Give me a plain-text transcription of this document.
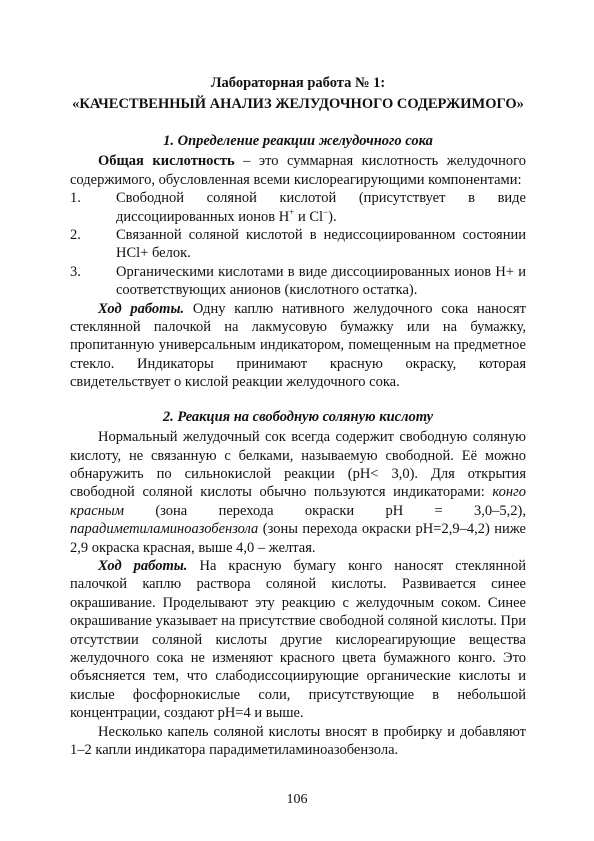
Лабораторная работа № 1:
«КАЧЕСТВЕННЫЙ АНАЛИЗ ЖЕЛУДОЧНОГО СОДЕРЖИМОГО»
1. Определение реакции желудочного сока

Общая кислотность – это суммарная кислотность желудочного содержимого, обусловленная всеми кислореагирующими компонентами:

1.	Свободной соляной кислотой (присутствует в виде диссоциированных ионов Н+ и Cl−).
2.	Связанной соляной кислотой в недиссоциированном состоянии HCl+ белок.
3.	Органическими кислотами в виде диссоциированных ионов Н+ и соответствующих анионов (кислотного остатка).

Ход работы. Одну каплю нативного желудочного сока наносят стеклянной палочкой на лакмусовую бумажку или на бумажку, пропитанную универсальным индикатором, помещенным на предметное стекло. Индикаторы принимают красную окраску, которая свидетельствует о кислой реакции желудочного сока.

2. Реакция на свободную соляную кислоту

Нормальный желудочный сок всегда содержит свободную соляную кислоту, не связанную с белками, называемую свободной. Её можно обнаружить по сильнокислой реакции (pH< 3,0). Для открытия свободной соляной кислоты обычно пользуются индикаторами: конго красным (зона перехода окраски pH = 3,0–5,2), парадиметиламиноазобензола (зоны перехода окраски pH=2,9–4,2) ниже 2,9 окраска красная, выше 4,0 – желтая.

Ход работы. На красную бумагу конго наносят стеклянной палочкой каплю раствора соляной кислоты. Развивается синее окрашивание. Проделывают эту реакцию с желудочным соком. Синее окрашивание указывает на присутствие свободной соляной кислоты. При отсутствии соляной кислоты другие кислореагирующие вещества желудочного сока не изменяют красного цвета бумажного конго. Это объясняется тем, что слабодиссоциирующие органические кислоты и кислые фосфорнокислые соли, присутствующие в небольшой концентрации, создают pH=4 и выше.

Несколько капель соляной кислоты вносят в пробирку и добавляют 1–2 капли индикатора парадиметиламиноазобензола.

106
